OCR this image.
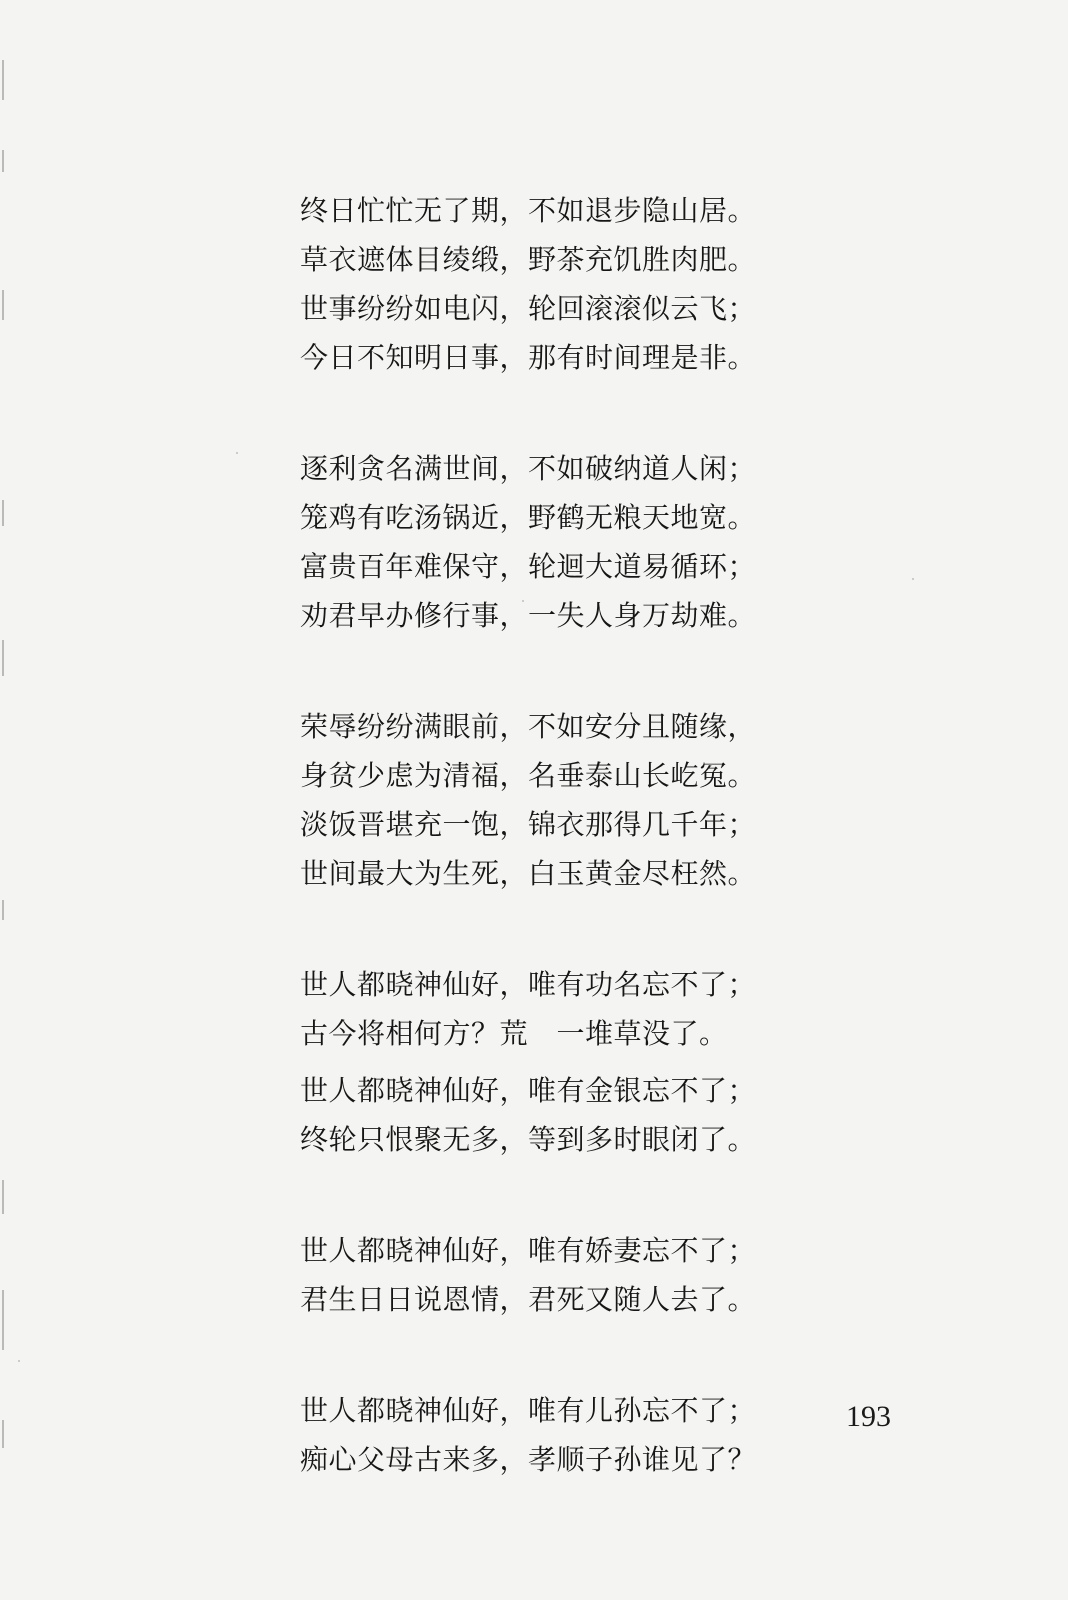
终日忙忙无了期，不如退步隐山居。
草衣遮体目绫缎，野茶充饥胜肉肥。
世事纷纷如电闪，轮回滚滚似云飞；
今日不知明日事，那有时间理是非。
逐利贪名满世间，不如破纳道人闲；
笼鸡有吃汤锅近，野鹤无粮天地宽。
富贵百年难保守，轮迴大道易循环；
劝君早办修行事，一失人身万劫难。
荣辱纷纷满眼前，不如安分且随缘，
身贫少虑为清福，名垂泰山长屹冤。
淡饭晋堪充一饱，锦衣那得几千年；
世间最大为生死，白玉黄金尽枉然。
世人都晓神仙好，唯有功名忘不了；
古今将相何方？荒　一堆草没了。
世人都晓神仙好，唯有金银忘不了；
终轮只恨聚无多，等到多时眼闭了。
世人都晓神仙好，唯有娇妻忘不了；
君生日日说恩情，君死又随人去了。
世人都晓神仙好，唯有儿孙忘不了；
痴心父母古来多，孝顺子孙谁见了？
193
